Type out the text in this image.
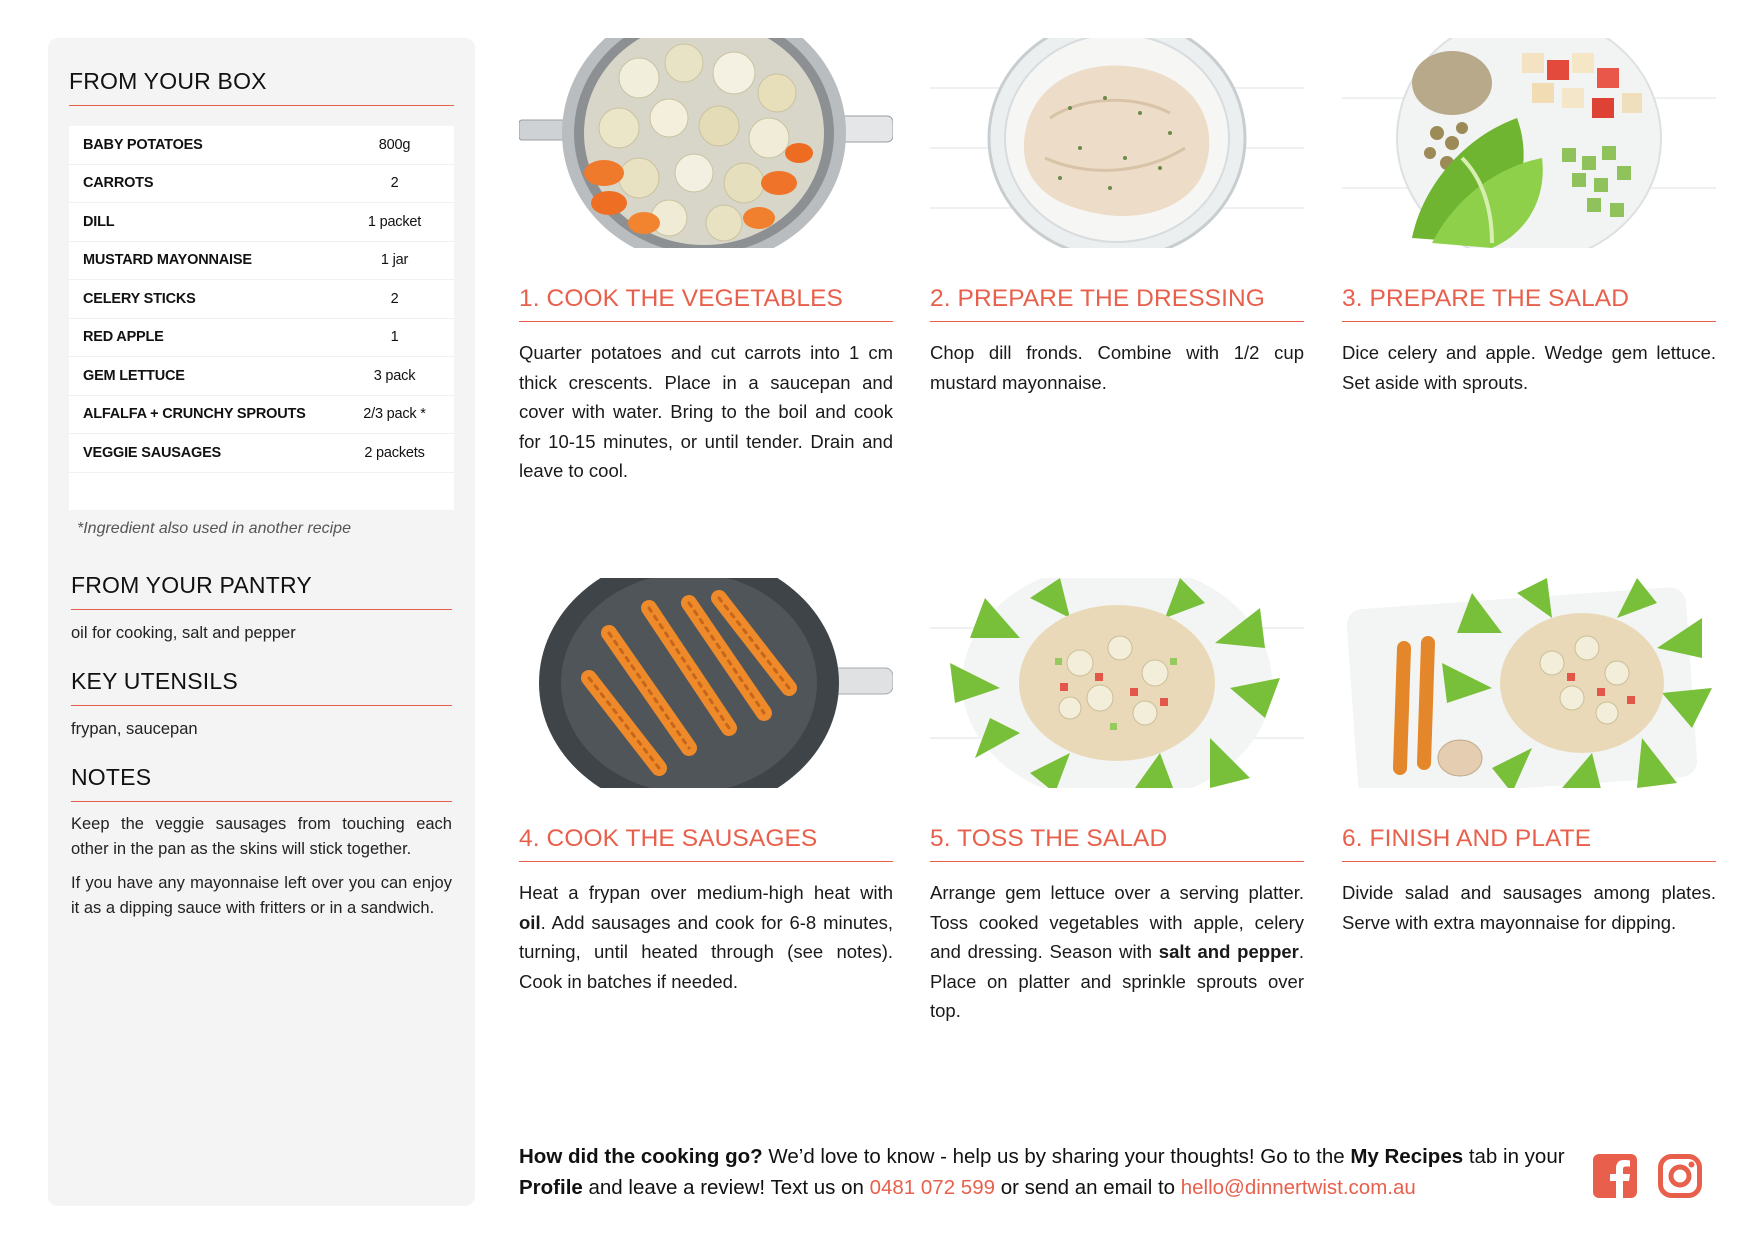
FROM YOUR BOX
BABY POTATOES	800g
CARROTS	2
DILL	1 packet
MUSTARD MAYONNAISE	1 jar
CELERY STICKS	2
RED APPLE	1
GEM LETTUCE	3 pack
ALFALFA + CRUNCHY SPROUTS	2/3 pack *
VEGGIE SAUSAGES	2 packets
*Ingredient also used in another recipe
FROM YOUR PANTRY
oil for cooking, salt and pepper
KEY UTENSILS
frypan, saucepan
NOTES

Keep the veggie sausages from touching each other in the pan as the skins will stick together.

If you have any mayonnaise left over you can enjoy it as a dipping sauce with fritters or in a sandwich.

1. COOK THE VEGETABLES

Quarter potatoes and cut carrots into 1 cm thick crescents. Place in a saucepan and cover with water. Bring to the boil and cook for 10-15 minutes, or until tender. Drain and leave to cool.

2. PREPARE THE DRESSING

Chop dill fronds. Combine with 1/2 cup mustard mayonnaise.

3. PREPARE THE SALAD

Dice celery and apple. Wedge gem lettuce. Set aside with sprouts.

4. COOK THE SAUSAGES

Heat a frypan over medium-high heat with oil. Add sausages and cook for 6-8 minutes, turning, until heated through (see notes). Cook in batches if needed.

5. TOSS THE SALAD

Arrange gem lettuce over a serving platter. Toss cooked vegetables with apple, celery and dressing. Season with salt and pepper. Place on platter and sprinkle sprouts over top.

6. FINISH AND PLATE

Divide salad and sausages among plates. Serve with extra mayonnaise for dipping.

How did the cooking go? We’d love to know - help us by sharing your thoughts! Go to the My Recipes tab in your Profile and leave a review! Text us on 0481 072 599 or send an email to hello@dinnertwist.com.au
